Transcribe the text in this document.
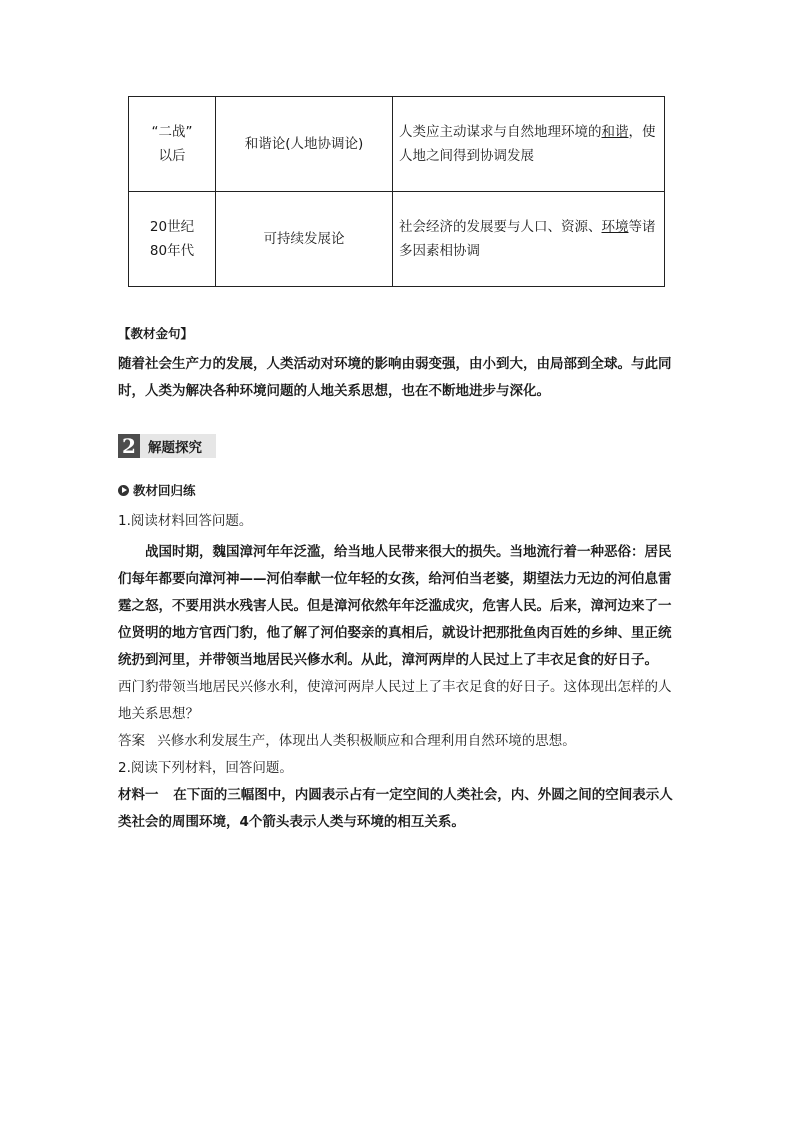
“二战”
以后	和谐论(人地协调论)	人类应主动谋求与自然地理环境的和谐，使人地之间得到协调发展

20世纪
80年代	可持续发展论	社会经济的发展要与人口、资源、环境等诸多因素相协调
【教材金句】
随着社会生产力的发展，人类活动对环境的影响由弱变强，由小到大，由局部到全球。与此同时，人类为解决各种环境问题的人地关系思想，也在不断地进步与深化。
2 解题探究
教材回归练
1.阅读材料回答问题。
战国时期，魏国漳河年年泛滥，给当地人民带来很大的损失。当地流行着一种恶俗：居民们每年都要向漳河神——河伯奉献一位年轻的女孩，给河伯当老婆，期望法力无边的河伯息雷霆之怒，不要用洪水残害人民。但是漳河依然年年泛滥成灾，危害人民。后来，漳河边来了一位贤明的地方官西门豹，他了解了河伯娶亲的真相后，就设计把那批鱼肉百姓的乡绅、里正统统扔到河里，并带领当地居民兴修水利。从此，漳河两岸的人民过上了丰衣足食的好日子。
西门豹带领当地居民兴修水利，使漳河两岸人民过上了丰衣足食的好日子。这体现出怎样的人地关系思想？
答案 兴修水利发展生产，体现出人类积极顺应和合理利用自然环境的思想。
2.阅读下列材料，回答问题。
材料一 在下面的三幅图中，内圆表示占有一定空间的人类社会，内、外圆之间的空间表示人类社会的周围环境，4个箭头表示人类与环境的相互关系。
